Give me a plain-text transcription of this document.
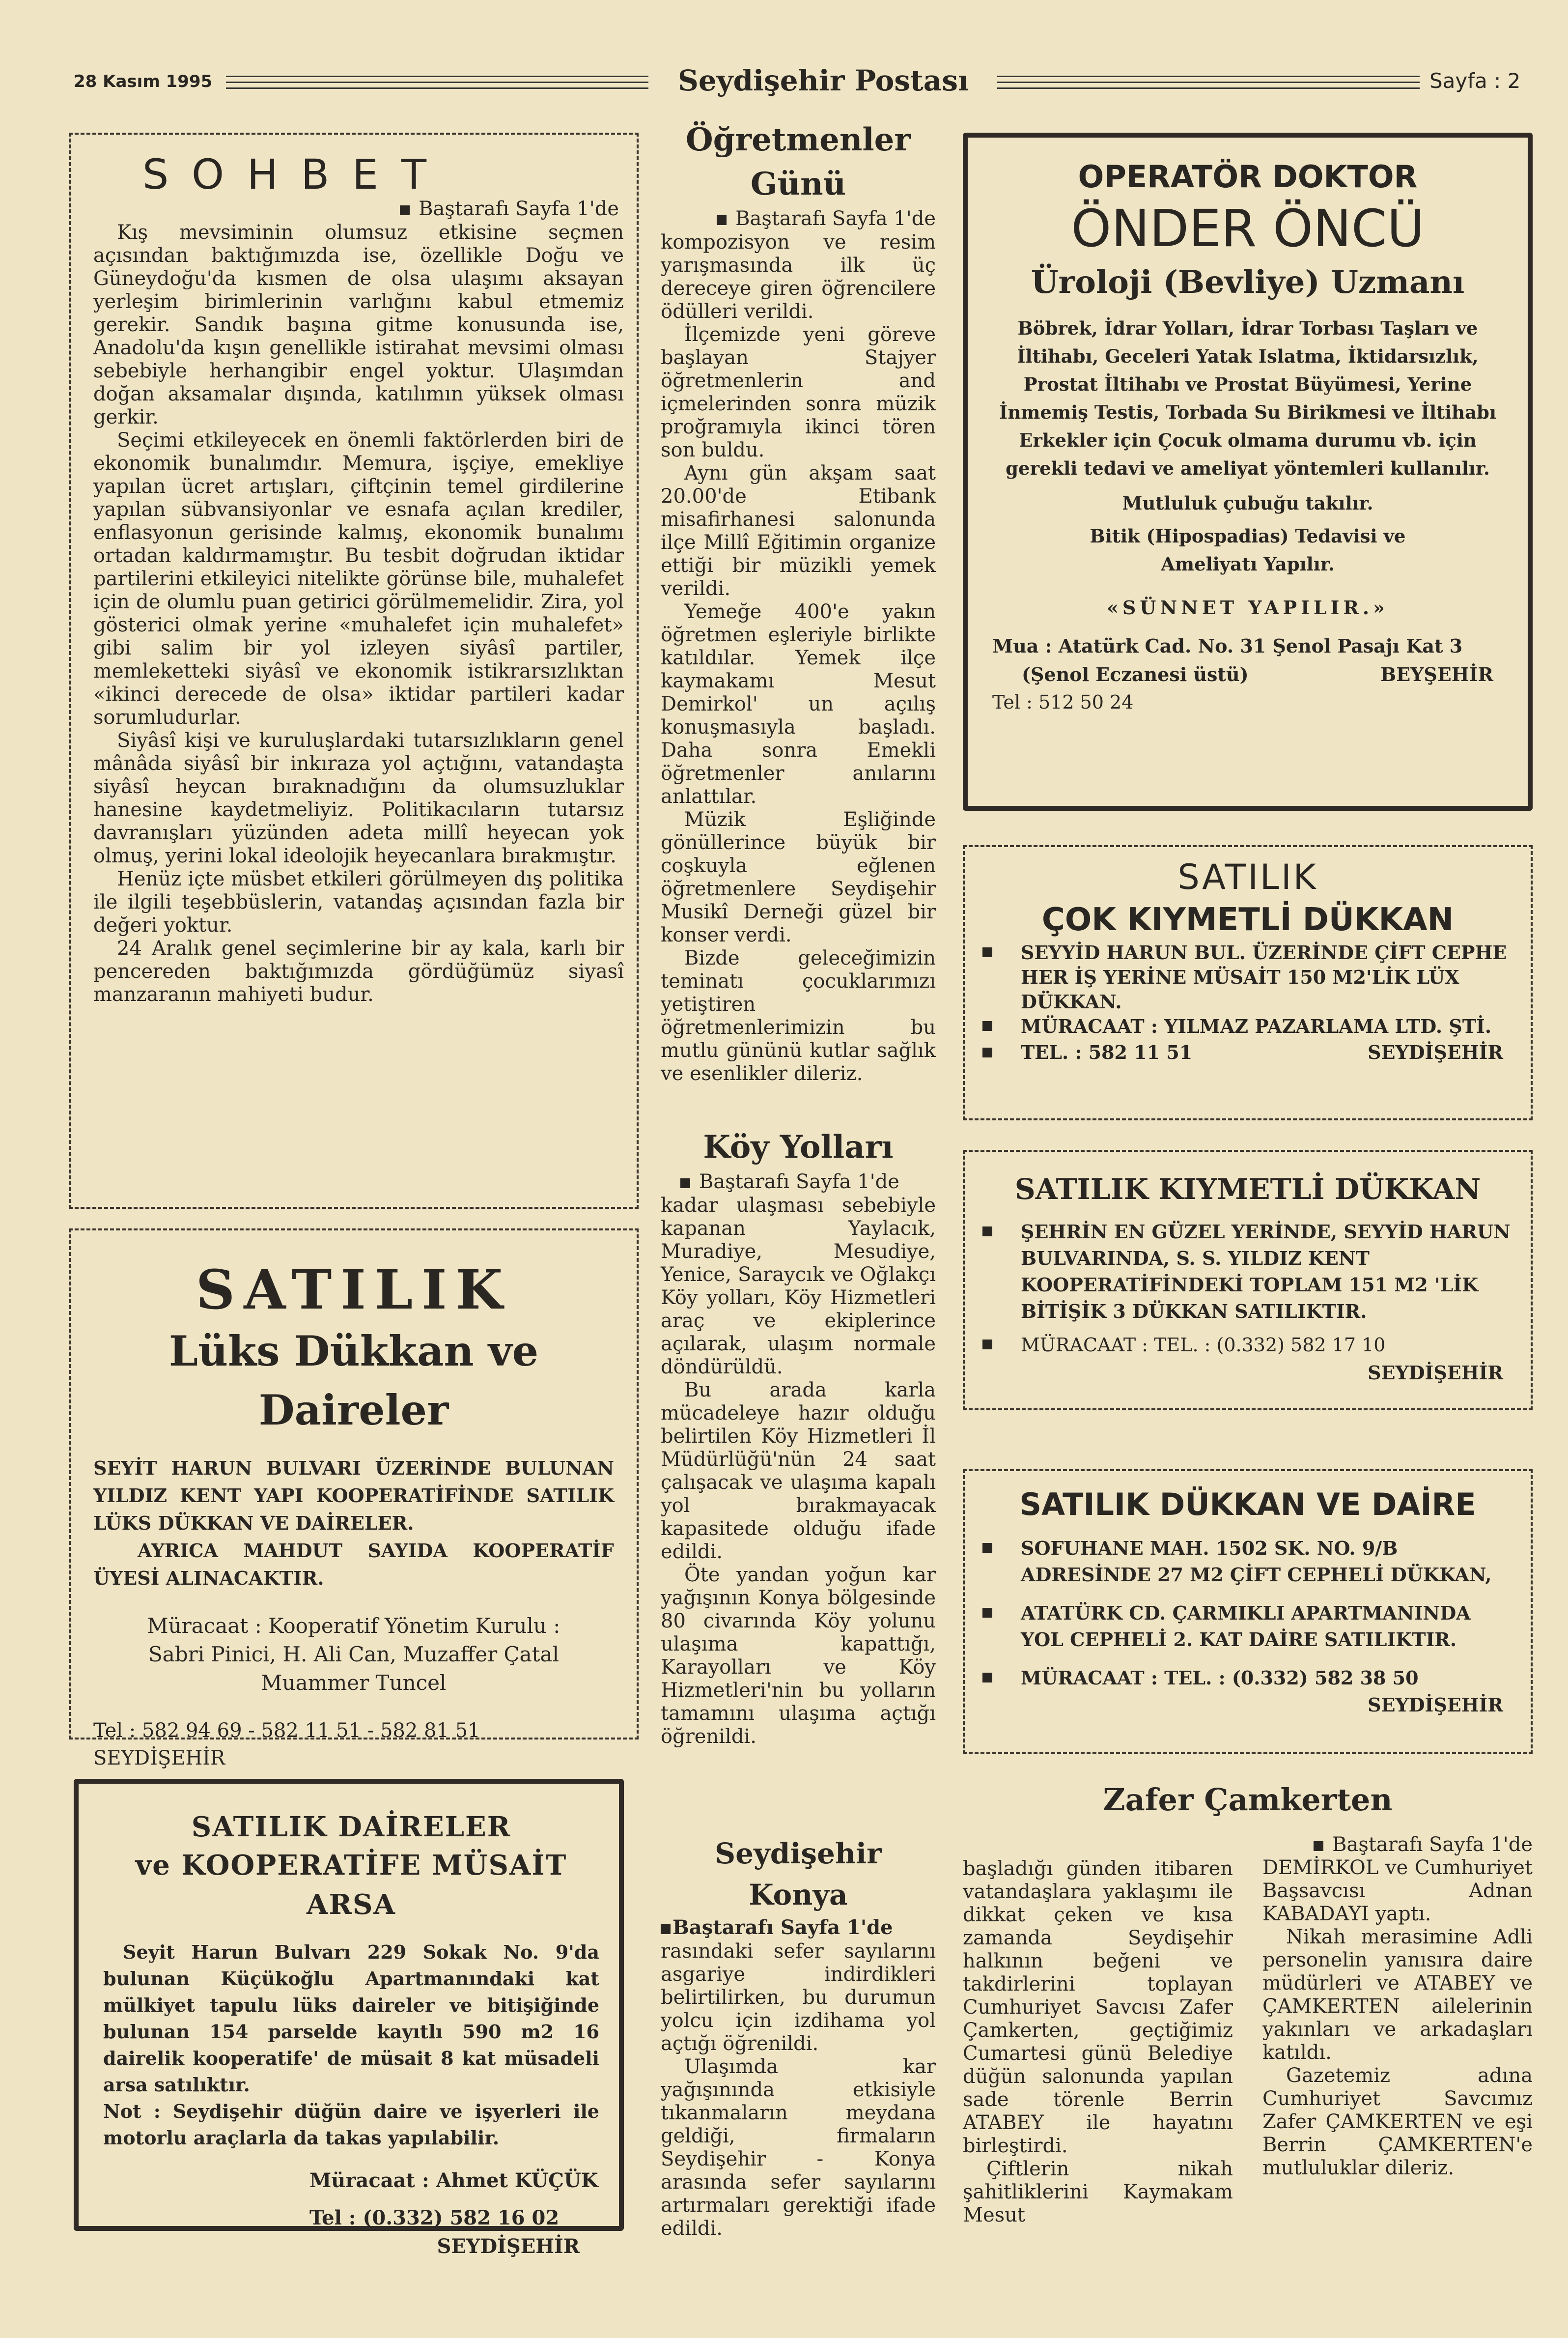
28 Kasım 1995	Seydişehir Postası	Sayfa : 2
S O H B E T
Baştarafı Sayfa 1'de

Kış mevsiminin olumsuz etkisine seçmen açısından baktığımızda ise, özellikle Doğu ve Güneydoğu'da kısmen de olsa ulaşımı aksayan yerleşim birimlerinin varlığını kabul etmemiz gerekir. Sandık başına gitme konusunda ise, Anadolu'da kışın genellikle istirahat mevsimi olması sebebiyle herhangibir engel yoktur. Ulaşımdan doğan aksamalar dışında, katılımın yüksek olması gerkir.

Seçimi etkileyecek en önemli faktörlerden biri de ekonomik bunalımdır. Memura, işçiye, emekliye yapılan ücret artışları, çiftçinin temel girdilerine yapılan sübvansiyonlar ve esnafa açılan krediler, enflasyonun gerisinde kalmış, ekonomik bunalımı ortadan kaldırmamıştır. Bu tesbit doğrudan iktidar partilerini etkileyici nitelikte görünse bile, muhalefet için de olumlu puan getirici görülmemelidir. Zira, yol gösterici olmak yerine «muhalefet için muhalefet» gibi salim bir yol izleyen siyâsî partiler, memleketteki siyâsî ve ekonomik istikrarsızlıktan «ikinci derecede de olsa» iktidar partileri kadar sorumludurlar.

Siyâsî kişi ve kuruluşlardaki tutarsızlıkların genel mânâda siyâsî bir inkıraza yol açtığını, vatandaşta siyâsî heycan bıraknadığını da olumsuzluklar hanesine kaydetmeliyiz. Politikacıların tutarsız davranışları yüzünden adeta millî heyecan yok olmuş, yerini lokal ideolojik heyecanlara bırakmıştır.

Henüz içte müsbet etkileri görülmeyen dış politika ile ilgili teşebbüslerin, vatandaş açısından fazla bir değeri yoktur.

24 Aralık genel seçimlerine bir ay kala, karlı bir pencereden baktığımızda gördüğümüz siyasî manzaranın mahiyeti budur.

SATILIK
Lüks Dükkan ve Daireler
SEYİT HARUN BULVARI ÜZERİNDE BULUNAN YILDIZ KENT YAPI KOOPERATİFİNDE SATILIK LÜKS DÜKKAN VE DAİRELER.
AYRICA MAHDUT SAYIDA KOOPERATİF ÜYESİ ALINACAKTIR.
Müracaat : Kooperatif Yönetim Kurulu : Sabri Pinici, H. Ali Can, Muzaffer Çatal Muammer Tuncel
Tel : 582 94 69 - 582 11 51 - 582 81 51 SEYDİŞEHİR
SATILIK DAİRELER
ve KOOPERATİFE MÜSAİT ARSA
Seyit Harun Bulvarı 229 Sokak No. 9'da bulunan Küçükoğlu Apartmanındaki kat mülkiyet tapulu lüks daireler ve bitişiğinde bulunan 154 parselde kayıtlı 590 m2 16 dairelik kooperatife' de müsait 8 kat müsadeli arsa satılıktır.
Not : Seydişehir düğün daire ve işyerleri ile motorlu araçlarla da takas yapılabilir.
Müracaat : Ahmet KÜÇÜK
Tel : (0.332) 582 16 02
SEYDİŞEHİR
Öğretmenler Günü
Baştarafı Sayfa 1'de

kompozisyon ve resim yarışmasında ilk üç dereceye giren öğrencilere ödülleri verildi.

İlçemizde yeni göreve başlayan Stajyer öğretmenlerin and içmelerinden sonra müzik proğramıyla ikinci tören son buldu.

Aynı gün akşam saat 20.00'de Etibank misafirhanesi salonunda ilçe Millî Eğitimin organize ettiği bir müzikli yemek verildi.

Yemeğe 400'e yakın öğretmen eşleriyle birlikte katıldılar. Yemek ilçe kaymakamı Mesut Demirkol' un açılış konuşmasıyla başladı. Daha sonra Emekli öğretmenler anılarını anlattılar.

Müzik Eşliğinde gönüllerince büyük bir coşkuyla eğlenen öğretmenlere Seydişehir Musikî Derneği güzel bir konser verdi.

Bizde geleceğimizin teminatı çocuklarımızı yetiştiren öğretmenlerimizin bu mutlu gününü kutlar sağlık ve esenlikler dileriz.

Köy Yolları
Baştarafı Sayfa 1'de

kadar ulaşması sebebiyle kapanan Yaylacık, Muradiye, Mesudiye, Yenice, Saraycık ve Oğlakçı Köy yolları, Köy Hizmetleri araç ve ekiplerince açılarak, ulaşım normale döndürüldü.

Bu arada karla mücadeleye hazır olduğu belirtilen Köy Hizmetleri İl Müdürlüğü'nün 24 saat çalışacak ve ulaşıma kapalı yol bırakmayacak kapasitede olduğu ifade edildi.

Öte yandan yoğun kar yağışının Konya bölgesinde 80 civarında Köy yolunu ulaşıma kapattığı, Karayolları ve Köy Hizmetleri'nin bu yolların tamamını ulaşıma açtığı öğrenildi.

Seydişehir Konya
Baştarafı Sayfa 1'de

rasındaki sefer sayılarını asgariye indirdikleri belirtilirken, bu durumun yolcu için izdihama yol açtığı öğrenildi.

Ulaşımda kar yağışınında etkisiyle tıkanmaların meydana geldiği, firmaların Seydişehir - Konya arasında sefer sayılarını artırmaları gerektiği ifade edildi.

OPERATÖR DOKTOR
ÖNDER ÖNCÜ
Üroloji (Bevliye) Uzmanı
Böbrek, İdrar Yolları, İdrar Torbası Taşları ve İltihabı, Geceleri Yatak Islatma, İktidarsızlık, Prostat İltihabı ve Prostat Büyümesi, Yerine İnmemiş Testis, Torbada Su Birikmesi ve İltihabı Erkekler için Çocuk olmama durumu vb. için gerekli tedavi ve ameliyat yöntemleri kullanılır.
Mutluluk çubuğu takılır.
Bitik (Hipospadias) Tedavisi ve Ameliyatı Yapılır.
«SÜNNET YAPILIR.»
Mua : Atatürk Cad. No. 31 Şenol Pasajı Kat 3
(Şenol Eczanesi üstü)	BEYŞEHİR
Tel : 512 50 24
SATILIK
ÇOK KIYMETLİ DÜKKAN
SEYYİD HARUN BUL. ÜZERİNDE ÇİFT CEPHE HER İŞ YERİNE MÜSAİT 150 M2'LİK LÜX DÜKKAN.
MÜRACAAT : YILMAZ PAZARLAMA LTD. ŞTİ.
TEL. : 582 11 51	SEYDİŞEHİR
SATILIK KIYMETLİ DÜKKAN
ŞEHRİN EN GÜZEL YERİNDE, SEYYİD HARUN BULVARINDA, S. S. YILDIZ KENT KOOPERATİFİNDEKİ TOPLAM 151 M2 'LİK BİTİŞİK 3 DÜKKAN SATILIKTIR.
MÜRACAAT : TEL. : (0.332) 582 17 10
SEYDİŞEHİR
SATILIK DÜKKAN VE DAİRE
SOFUHANE MAH. 1502 SK. NO. 9/B ADRESİNDE 27 M2 ÇİFT CEPHELİ DÜKKAN,
ATATÜRK CD. ÇARMIKLI APARTMANINDA YOL CEPHELİ 2. KAT DAİRE SATILIKTIR.
MÜRACAAT : TEL. : (0.332) 582 38 50
SEYDİŞEHİR
Zafer Çamkerten

başladığı günden itibaren vatandaşlara yaklaşımı ile dikkat çeken ve kısa zamanda Seydişehir halkının beğeni ve takdirlerini toplayan Cumhuriyet Savcısı Zafer Çamkerten, geçtiğimiz Cumartesi günü Belediye düğün salonunda yapılan sade törenle Berrin ATABEY ile hayatını birleştirdi.

Çiftlerin nikah şahitliklerini Kaymakam Mesut

Baştarafı Sayfa 1'de

DEMİRKOL ve Cumhuriyet Başsavcısı Adnan KABADAYI yaptı.

Nikah merasimine Adli personelin yanısıra daire müdürleri ve ATABEY ve ÇAMKERTEN ailelerinin yakınları ve arkadaşları katıldı.

Gazetemiz adına Cumhuriyet Savcımız Zafer ÇAMKERTEN ve eşi Berrin ÇAMKERTEN'e mutluluklar dileriz.
